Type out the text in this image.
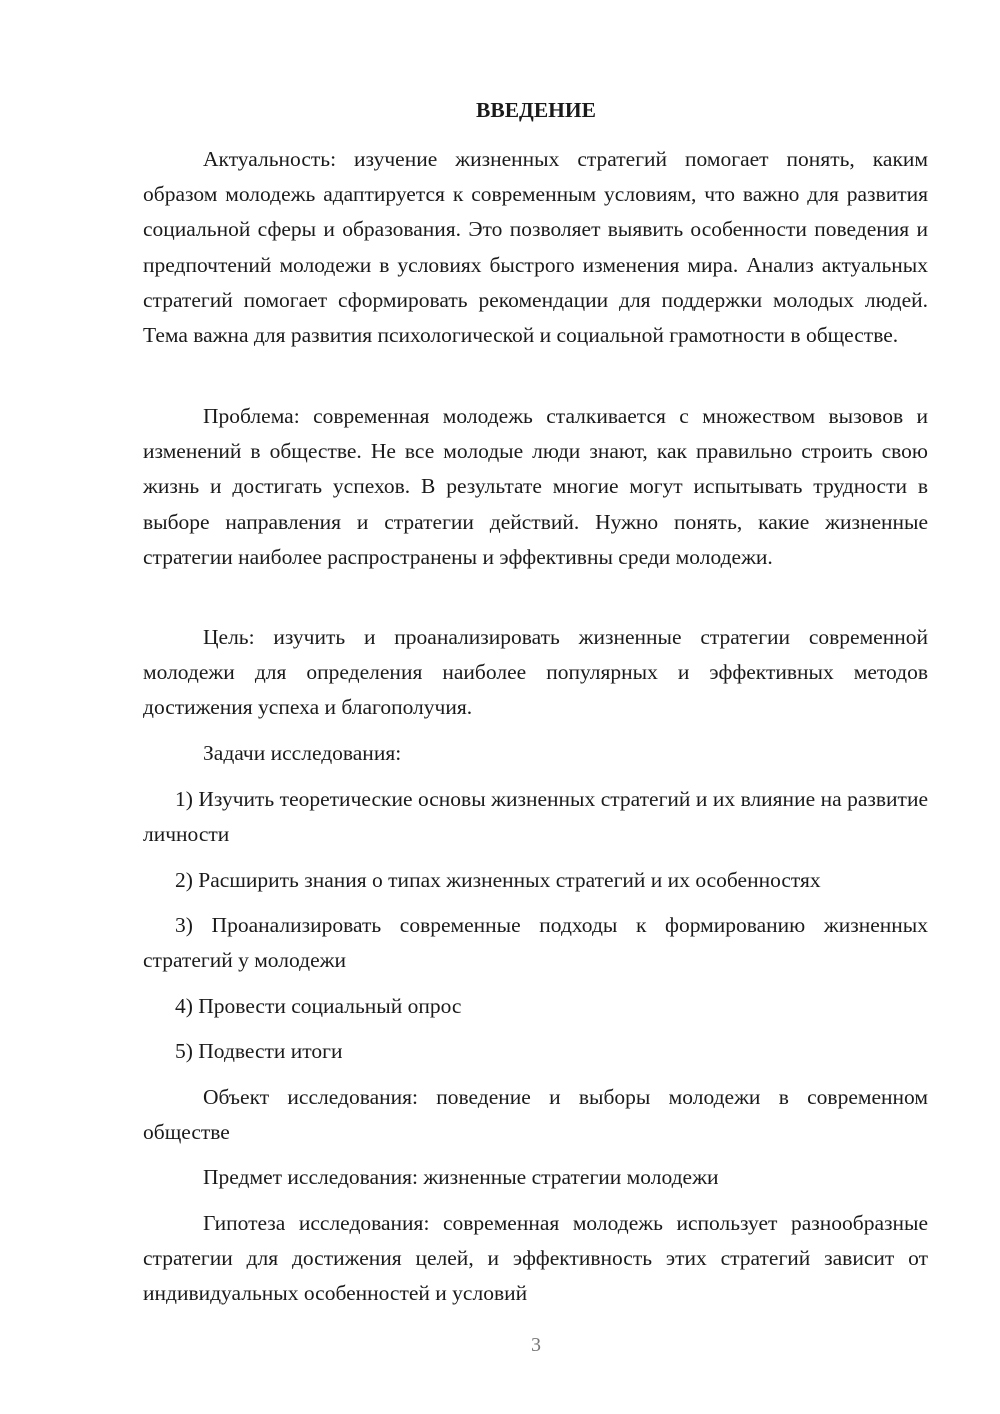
ВВЕДЕНИЕ

Актуальность: изучение жизненных стратегий помогает понять, каким образом молодежь адаптируется к современным условиям, что важно для развития социальной сферы и образования. Это позволяет выявить особенности поведения и предпочтений молодежи в условиях быстрого изменения мира. Анализ актуальных стратегий помогает сформировать рекомендации для поддержки молодых людей. Тема важна для развития психологической и социальной грамотности в обществе.

Проблема: современная молодежь сталкивается с множеством вызовов и изменений в обществе. Не все молодые люди знают, как правильно строить свою жизнь и достигать успехов. В результате многие могут испытывать трудности в выборе направления и стратегии действий. Нужно понять, какие жизненные стратегии наиболее распространены и эффективны среди молодежи.

Цель: изучить и проанализировать жизненные стратегии современной молодежи для определения наиболее популярных и эффективных методов достижения успеха и благополучия.

Задачи исследования:

1) Изучить теоретические основы жизненных стратегий и их влияние на развитие личности

2) Расширить знания о типах жизненных стратегий и их особенностях

3) Проанализировать современные подходы к формированию жизненных стратегий у молодежи

4) Провести социальный опрос

5) Подвести итоги

Объект исследования: поведение и выборы молодежи в современном обществе

Предмет исследования: жизненные стратегии молодежи

Гипотеза исследования: современная молодежь использует разнообразные стратегии для достижения целей, и эффективность этих стратегий зависит от индивидуальных особенностей и условий

3
